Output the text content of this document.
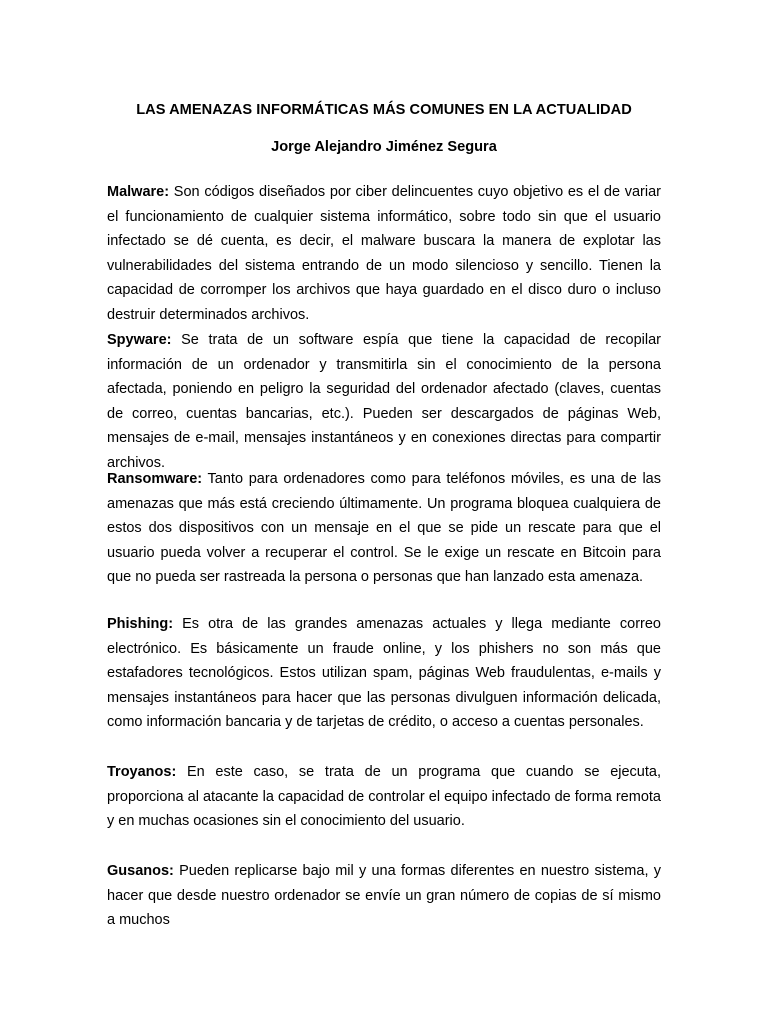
LAS AMENAZAS INFORMÁTICAS MÁS COMUNES EN LA ACTUALIDAD
Jorge Alejandro Jiménez Segura

Malware: Son códigos diseñados por ciber delincuentes cuyo objetivo es el de variar el funcionamiento de cualquier sistema informático, sobre todo sin que el usuario infectado se dé cuenta, es decir, el malware buscara la manera de explotar las vulnerabilidades del sistema entrando de un modo silencioso y sencillo. Tienen la capacidad de corromper los archivos que haya guardado en el disco duro o incluso destruir determinados archivos.

Spyware: Se trata de un software espía que tiene la capacidad de recopilar información de un ordenador y transmitirla sin el conocimiento de la persona afectada, poniendo en peligro la seguridad del ordenador afectado (claves, cuentas de correo, cuentas bancarias, etc.). Pueden ser descargados de páginas Web, mensajes de e-mail, mensajes instantáneos y en conexiones directas para compartir archivos.

Ransomware: Tanto para ordenadores como para teléfonos móviles, es una de las amenazas que más está creciendo últimamente. Un programa bloquea cualquiera de estos dos dispositivos con un mensaje en el que se pide un rescate para que el usuario pueda volver a recuperar el control. Se le exige un rescate en Bitcoin para que no pueda ser rastreada la persona o personas que han lanzado esta amenaza.

Phishing: Es otra de las grandes amenazas actuales y llega mediante correo electrónico. Es básicamente un fraude online, y los phishers no son más que estafadores tecnológicos. Estos utilizan spam, páginas Web fraudulentas, e-mails y mensajes instantáneos para hacer que las personas divulguen información delicada, como información bancaria y de tarjetas de crédito, o acceso a cuentas personales.

Troyanos: En este caso, se trata de un programa que cuando se ejecuta, proporciona al atacante la capacidad de controlar el equipo infectado de forma remota y en muchas ocasiones sin el conocimiento del usuario.

Gusanos: Pueden replicarse bajo mil y una formas diferentes en nuestro sistema, y hacer que desde nuestro ordenador se envíe un gran número de copias de sí mismo a muchos
